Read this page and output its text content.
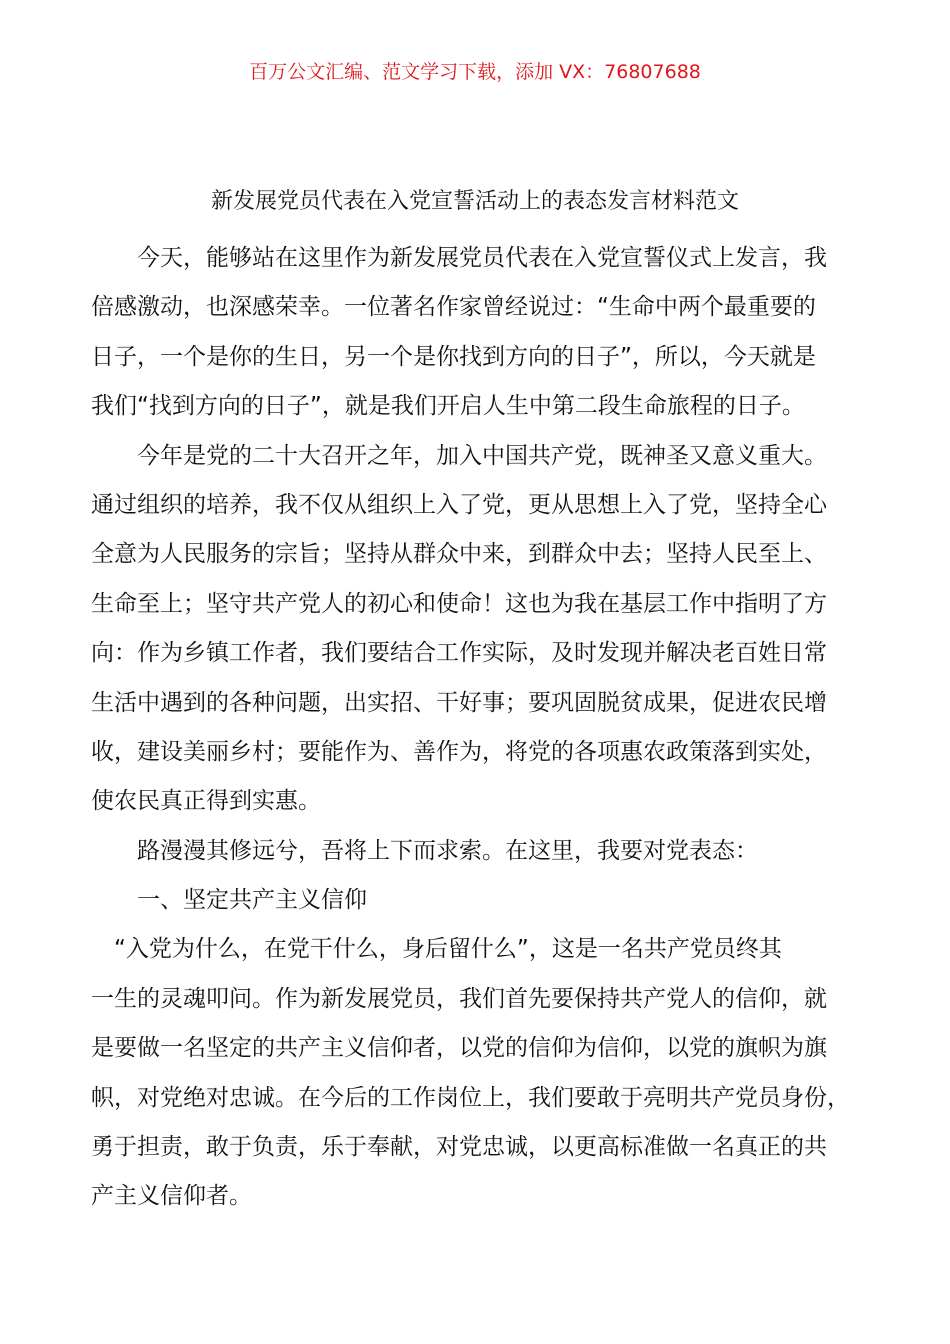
百万公文汇编、范文学习下载，添加 VX：76807688
新发展党员代表在入党宣誓活动上的表态发言材料范文
　　今天，能够站在这里作为新发展党员代表在入党宣誓仪式上发言，我
倍感激动，也深感荣幸。一位著名作家曾经说过：“生命中两个最重要的
日子，一个是你的生日，另一个是你找到方向的日子”，所以，今天就是
我们“找到方向的日子”，就是我们开启人生中第二段生命旅程的日子。
　　今年是党的二十大召开之年，加入中国共产党，既神圣又意义重大。
通过组织的培养，我不仅从组织上入了党，更从思想上入了党，坚持全心
全意为人民服务的宗旨；坚持从群众中来，到群众中去；坚持人民至上、
生命至上；坚守共产党人的初心和使命！这也为我在基层工作中指明了方
向：作为乡镇工作者，我们要结合工作实际，及时发现并解决老百姓日常
生活中遇到的各种问题，出实招、干好事；要巩固脱贫成果，促进农民增
收，建设美丽乡村；要能作为、善作为，将党的各项惠农政策落到实处，
使农民真正得到实惠。
　　路漫漫其修远兮，吾将上下而求索。在这里，我要对党表态：
　　一、坚定共产主义信仰
　“入党为什么，在党干什么，身后留什么”，这是一名共产党员终其
一生的灵魂叩问。作为新发展党员，我们首先要保持共产党人的信仰，就
是要做一名坚定的共产主义信仰者，以党的信仰为信仰，以党的旗帜为旗
帜，对党绝对忠诚。在今后的工作岗位上，我们要敢于亮明共产党员身份，
勇于担责，敢于负责，乐于奉献，对党忠诚，以更高标准做一名真正的共
产主义信仰者。
